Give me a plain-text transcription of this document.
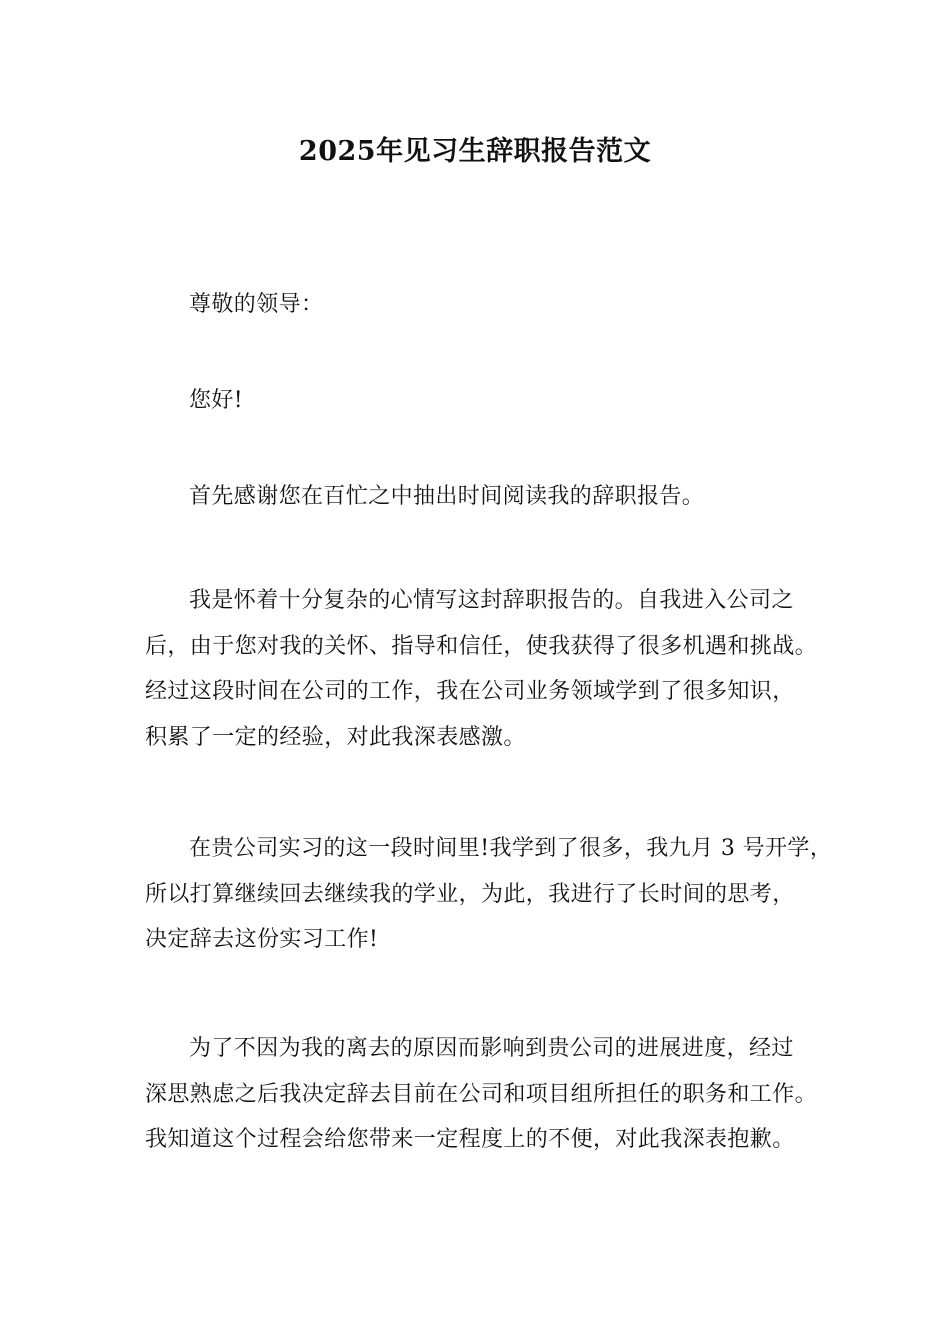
2025年见习生辞职报告范文

尊敬的领导：

您好!

首先感谢您在百忙之中抽出时间阅读我的辞职报告。

我是怀着十分复杂的心情写这封辞职报告的。自我进入公司之
后，由于您对我的关怀、指导和信任，使我获得了很多机遇和挑战。
经过这段时间在公司的工作，我在公司业务领域学到了很多知识，
积累了一定的经验，对此我深表感激。

在贵公司实习的这一段时间里!我学到了很多，我九月 3 号开学，
所以打算继续回去继续我的学业，为此，我进行了长时间的思考，
决定辞去这份实习工作!

为了不因为我的离去的原因而影响到贵公司的进展进度，经过
深思熟虑之后我决定辞去目前在公司和项目组所担任的职务和工作。
我知道这个过程会给您带来一定程度上的不便，对此我深表抱歉。
